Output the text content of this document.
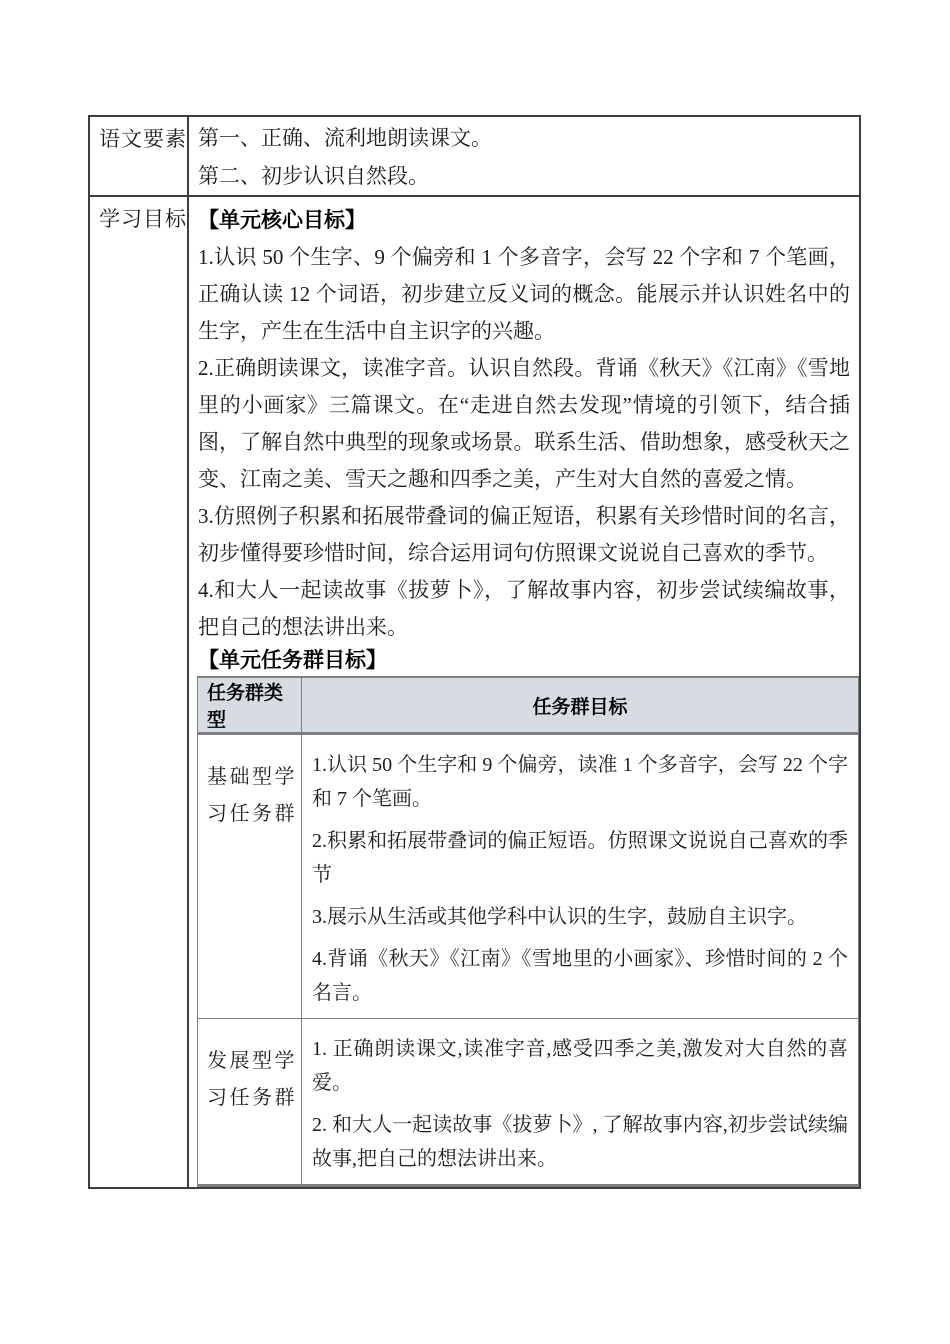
语文要素 第一、正确、流利地朗读课文。

第二、初步认识自然段。

学习目标 【单元核心目标】

1.认识 50 个生字、9 个偏旁和 1 个多音字，会写 22 个字和 7 个笔画，正确认读 12 个词语，初步建立反义词的概念。能展示并认识姓名中的生字，产生在生活中自主识字的兴趣。

2.正确朗读课文，读准字音。认识自然段。背诵《秋天》《江南》《雪地里的小画家》三篇课文。在“走进自然去发现”情境的引领下，结合插图，了解自然中典型的现象或场景。联系生活、借助想象，感受秋天之变、江南之美、雪天之趣和四季之美，产生对大自然的喜爱之情。

3.仿照例子积累和拓展带叠词的偏正短语，积累有关珍惜时间的名言，初步懂得要珍惜时间，综合运用词句仿照课文说说自己喜欢的季节。

4.和大人一起读故事《拔萝卜》，了解故事内容，初步尝试续编故事，把自己的想法讲出来。

【单元任务群目标】

任务群类型
任务群目标
基础型学习任务群

1.认识 50 个生字和 9 个偏旁，读准 1 个多音字，会写 22 个字和 7 个笔画。

2.积累和拓展带叠词的偏正短语。仿照课文说说自己喜欢的季节

3.展示从生活或其他学科中认识的生字，鼓励自主识字。

4.背诵《秋天》《江南》《雪地里的小画家》、珍惜时间的 2 个名言。

发展型学习任务群

1. 正确朗读课文,读准字音,感受四季之美,激发对大自然的喜爱。

2. 和大人一起读故事《拔萝卜》, 了解故事内容,初步尝试续编故事,把自己的想法讲出来。
